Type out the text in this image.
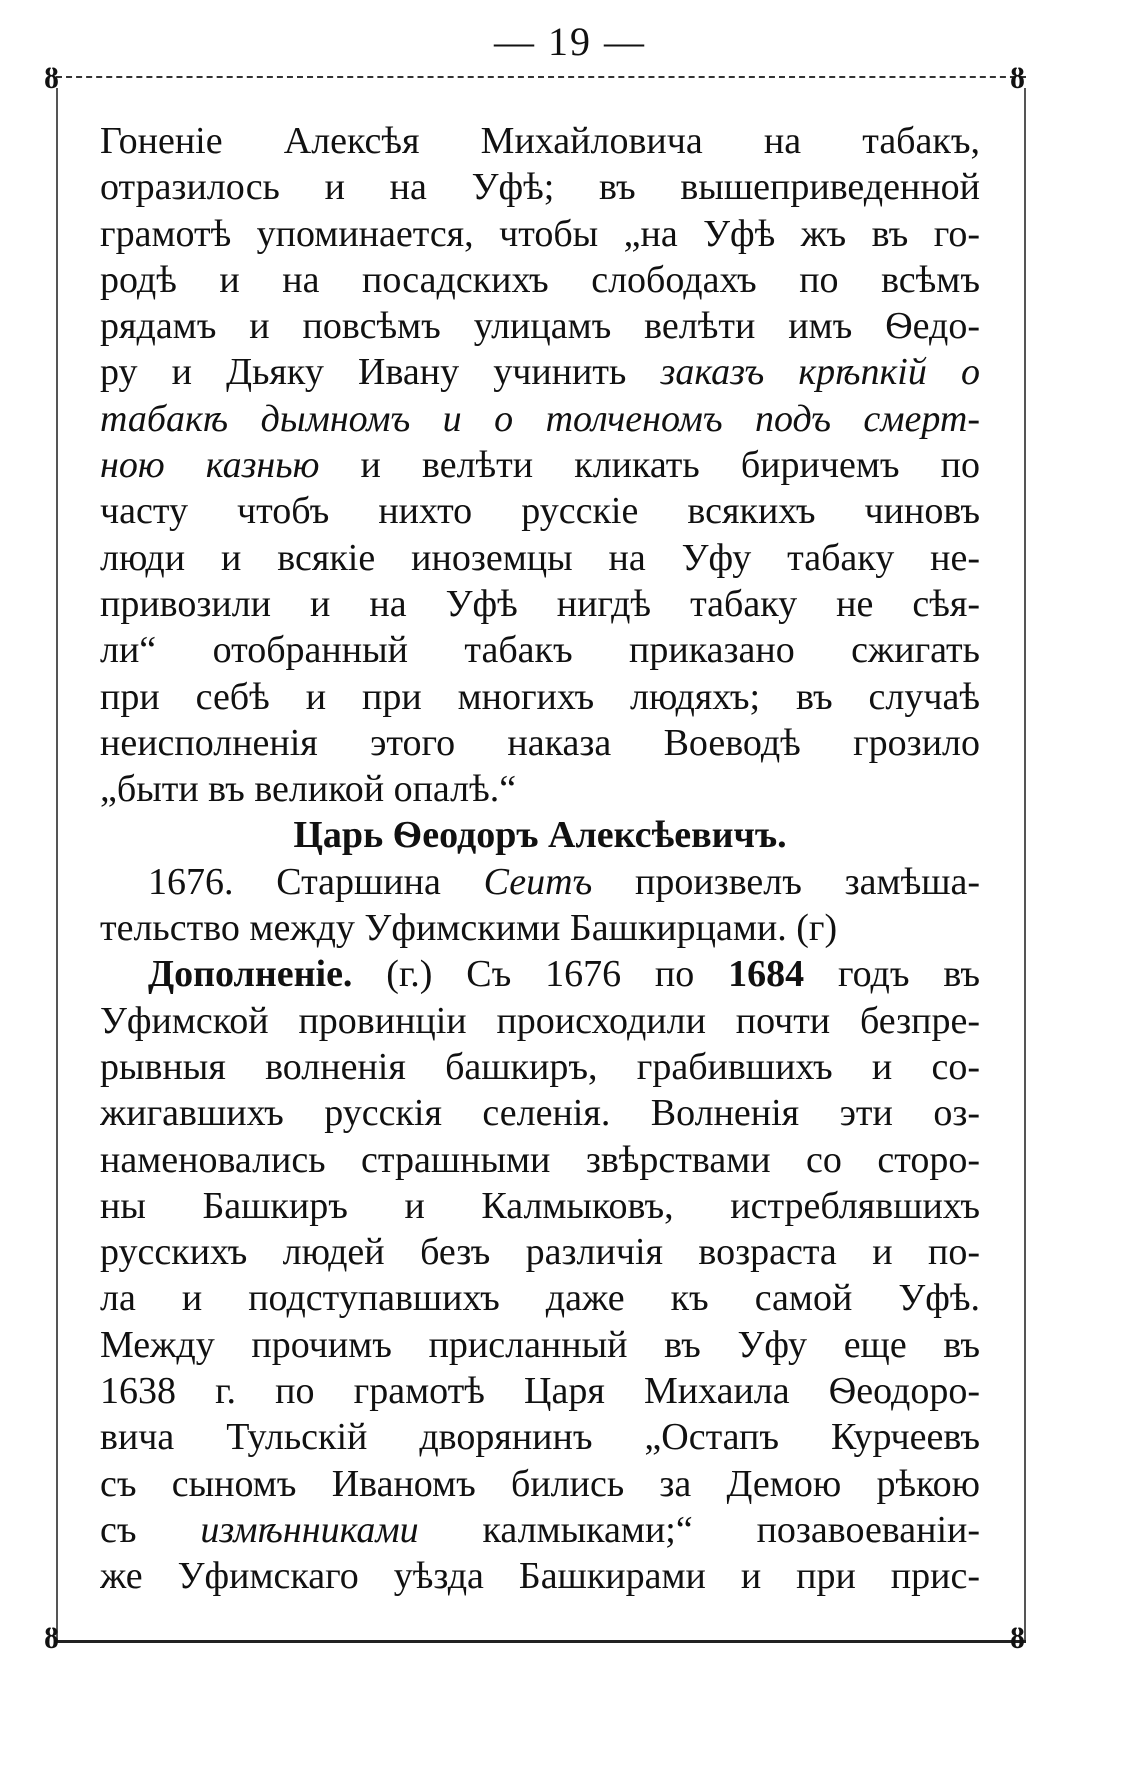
— 19 —
ȣ	ȣ
ȣ	ȣ
Гоненіе Алексѣя Михайловича на табакъ,
отразилось и на Уфѣ; въ вышеприведенной
грамотѣ упоминается, чтобы „на Уфѣ жъ въ го-
родѣ и на посадскихъ слободахъ по всѣмъ
рядамъ и повсѣмъ улицамъ велѣти имъ Ѳедо-
ру и Дьяку Ивану учинить заказъ крѣпкій о
табакѣ дымномъ и о толченомъ подъ смерт-
ною казнью и велѣти кликать биричемъ по
часту чтобъ нихто русскіе всякихъ чиновъ
люди и всякіе иноземцы на Уфу табаку не-
привозили и на Уфѣ нигдѣ табаку не сѣя-
ли“ отобранный табакъ приказано сжигать
при себѣ и при многихъ людяхъ; въ случаѣ
неисполненія этого наказа Воеводѣ грозило
„быти въ великой опалѣ.“
Царь Ѳеодоръ Алексѣевичъ.
1676. Старшина Сеитъ произвелъ замѣша-
тельство между Уфимскими Башкирцами. (г)
Дополненіе. (г.) Съ 1676 по 1684 годъ въ
Уфимской провинціи происходили почти безпре-
рывныя волненія башкиръ, грабившихъ и со-
жигавшихъ русскія селенія. Волненія эти оз-
наменовались страшными звѣрствами со сторо-
ны Башкиръ и Калмыковъ, истреблявшихъ
русскихъ людей безъ различія возраста и по-
ла и подступавшихъ даже къ самой Уфѣ.
Между прочимъ присланный въ Уфу еще въ
1638 г. по грамотѣ Царя Михаила Ѳеодоро-
вича Тульскій дворянинъ „Остапъ Курчеевъ
съ сыномъ Иваномъ бились за Демою рѣкою
съ измѣнниками калмыками;“ позавоеванiи-
же Уфимскаго уѣзда Башкирами и при прис-
